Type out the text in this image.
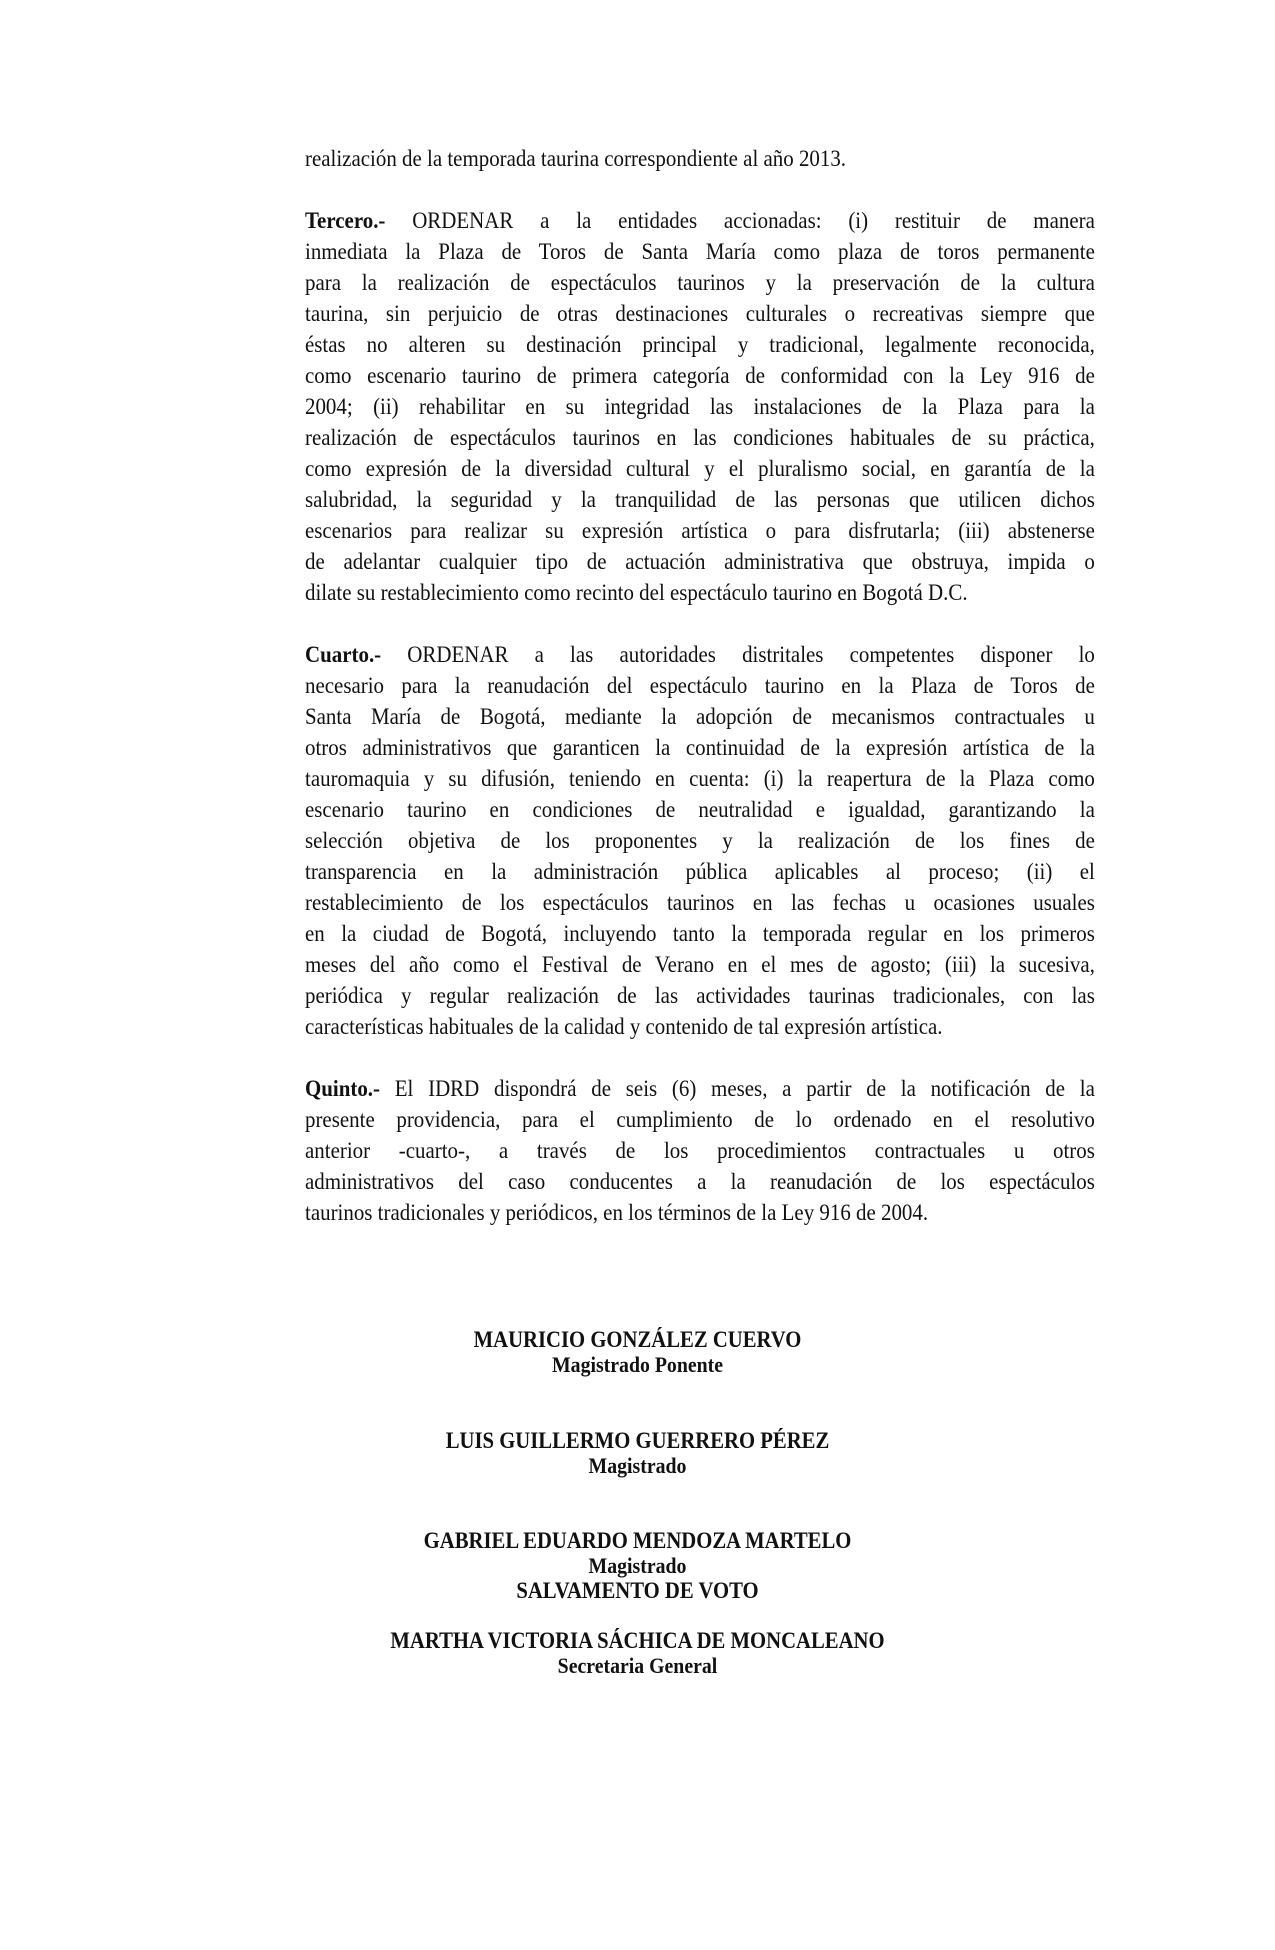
realización de la temporada taurina correspondiente al año 2013.
Tercero.- ORDENAR a la entidades accionadas: (i) restituir de manera
inmediata la Plaza de Toros de Santa María como plaza de toros permanente
para la realización de espectáculos taurinos y la preservación de la cultura
taurina, sin perjuicio de otras destinaciones culturales o recreativas siempre que
éstas no alteren su destinación principal y tradicional, legalmente reconocida,
como escenario taurino de primera categoría de conformidad con la Ley 916 de
2004; (ii) rehabilitar en su integridad las instalaciones de la Plaza para la
realización de espectáculos taurinos en las condiciones habituales de su práctica,
como expresión de la diversidad cultural y el pluralismo social, en garantía de la
salubridad, la seguridad y la tranquilidad de las personas que utilicen dichos
escenarios para realizar su expresión artística o para disfrutarla; (iii) abstenerse
de adelantar cualquier tipo de actuación administrativa que obstruya, impida o
dilate su restablecimiento como recinto del espectáculo taurino en Bogotá D.C.
Cuarto.- ORDENAR a las autoridades distritales competentes disponer lo
necesario para la reanudación del espectáculo taurino en la Plaza de Toros de
Santa María de Bogotá, mediante la adopción de mecanismos contractuales u
otros administrativos que garanticen la continuidad de la expresión artística de la
tauromaquia y su difusión, teniendo en cuenta: (i) la reapertura de la Plaza como
escenario taurino en condiciones de neutralidad e igualdad, garantizando la
selección objetiva de los proponentes y la realización de los fines de
transparencia en la administración pública aplicables al proceso; (ii) el
restablecimiento de los espectáculos taurinos en las fechas u ocasiones usuales
en la ciudad de Bogotá, incluyendo tanto la temporada regular en los primeros
meses del año como el Festival de Verano en el mes de agosto; (iii) la sucesiva,
periódica y regular realización de las actividades taurinas tradicionales, con las
características habituales de la calidad y contenido de tal expresión artística.
Quinto.- El IDRD dispondrá de seis (6) meses, a partir de la notificación de la
presente providencia, para el cumplimiento de lo ordenado en el resolutivo
anterior -cuarto-, a través de los procedimientos contractuales u otros
administrativos del caso conducentes a la reanudación de los espectáculos
taurinos tradicionales y periódicos, en los términos de la Ley 916 de 2004.
MAURICIO GONZÁLEZ CUERVO
Magistrado Ponente
LUIS GUILLERMO GUERRERO PÉREZ
Magistrado
GABRIEL EDUARDO MENDOZA MARTELO
Magistrado
SALVAMENTO DE VOTO
MARTHA VICTORIA SÁCHICA DE MONCALEANO
Secretaria General
